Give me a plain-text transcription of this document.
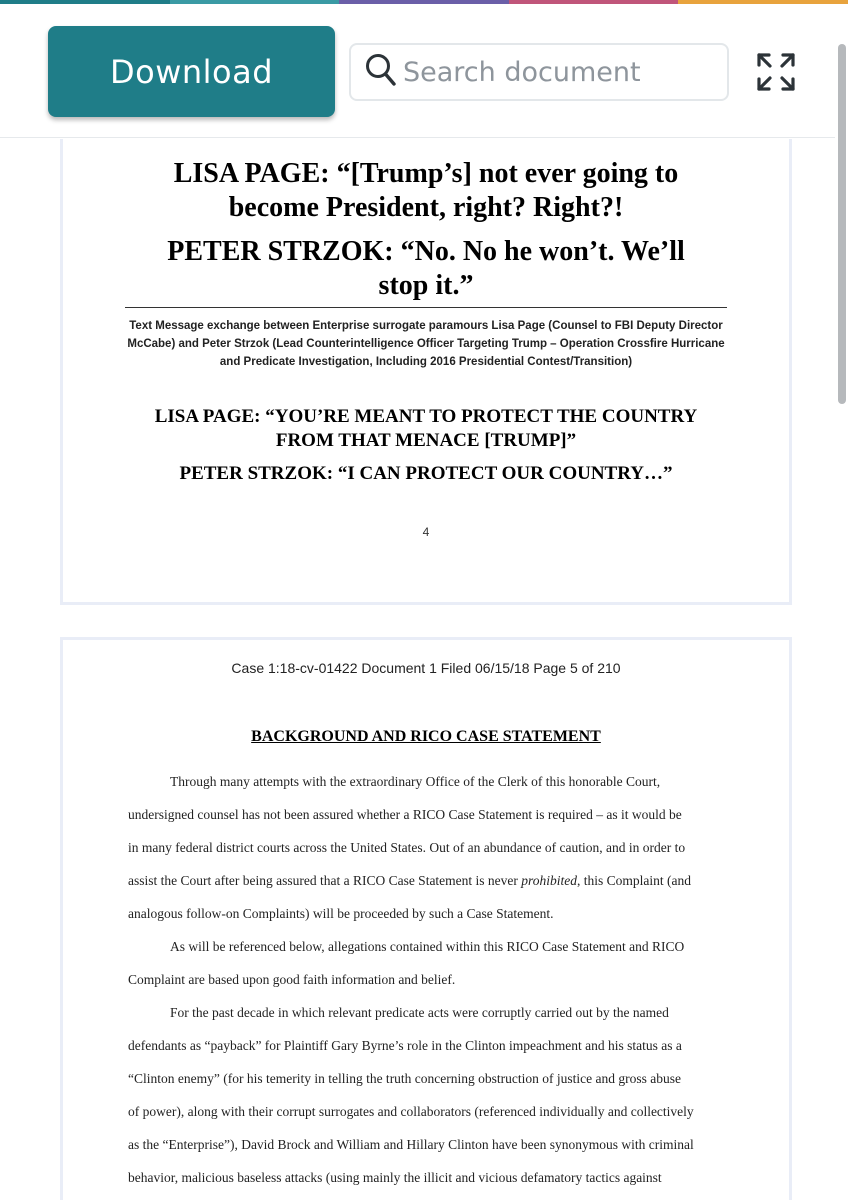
Download
Search document
LISA PAGE: “[Trump’s] not ever going to
become President, right? Right?!
PETER STRZOK: “No. No he won’t. We’ll
stop it.”
Text Message exchange between Enterprise surrogate paramours Lisa Page (Counsel to FBI Deputy Director
McCabe) and Peter Strzok (Lead Counterintelligence Officer Targeting Trump – Operation Crossfire Hurricane
and Predicate Investigation, Including 2016 Presidential Contest/Transition)
LISA PAGE: “YOU’RE MEANT TO PROTECT THE COUNTRY
FROM THAT MENACE [TRUMP]”
PETER STRZOK: “I CAN PROTECT OUR COUNTRY…”
4
Case 1:18-cv-01422 Document 1 Filed 06/15/18 Page 5 of 210
BACKGROUND AND RICO CASE STATEMENT
Through many attempts with the extraordinary Office of the Clerk of this honorable Court,
undersigned counsel has not been assured whether a RICO Case Statement is required – as it would be
in many federal district courts across the United States. Out of an abundance of caution, and in order to
assist the Court after being assured that a RICO Case Statement is never prohibited, this Complaint (and
analogous follow-on Complaints) will be proceeded by such a Case Statement.
As will be referenced below, allegations contained within this RICO Case Statement and RICO
Complaint are based upon good faith information and belief.
For the past decade in which relevant predicate acts were corruptly carried out by the named
defendants as “payback” for Plaintiff Gary Byrne’s role in the Clinton impeachment and his status as a
“Clinton enemy” (for his temerity in telling the truth concerning obstruction of justice and gross abuse
of power), along with their corrupt surrogates and collaborators (referenced individually and collectively
as the “Enterprise”), David Brock and William and Hillary Clinton have been synonymous with criminal
behavior, malicious baseless attacks (using mainly the illicit and vicious defamatory tactics against
